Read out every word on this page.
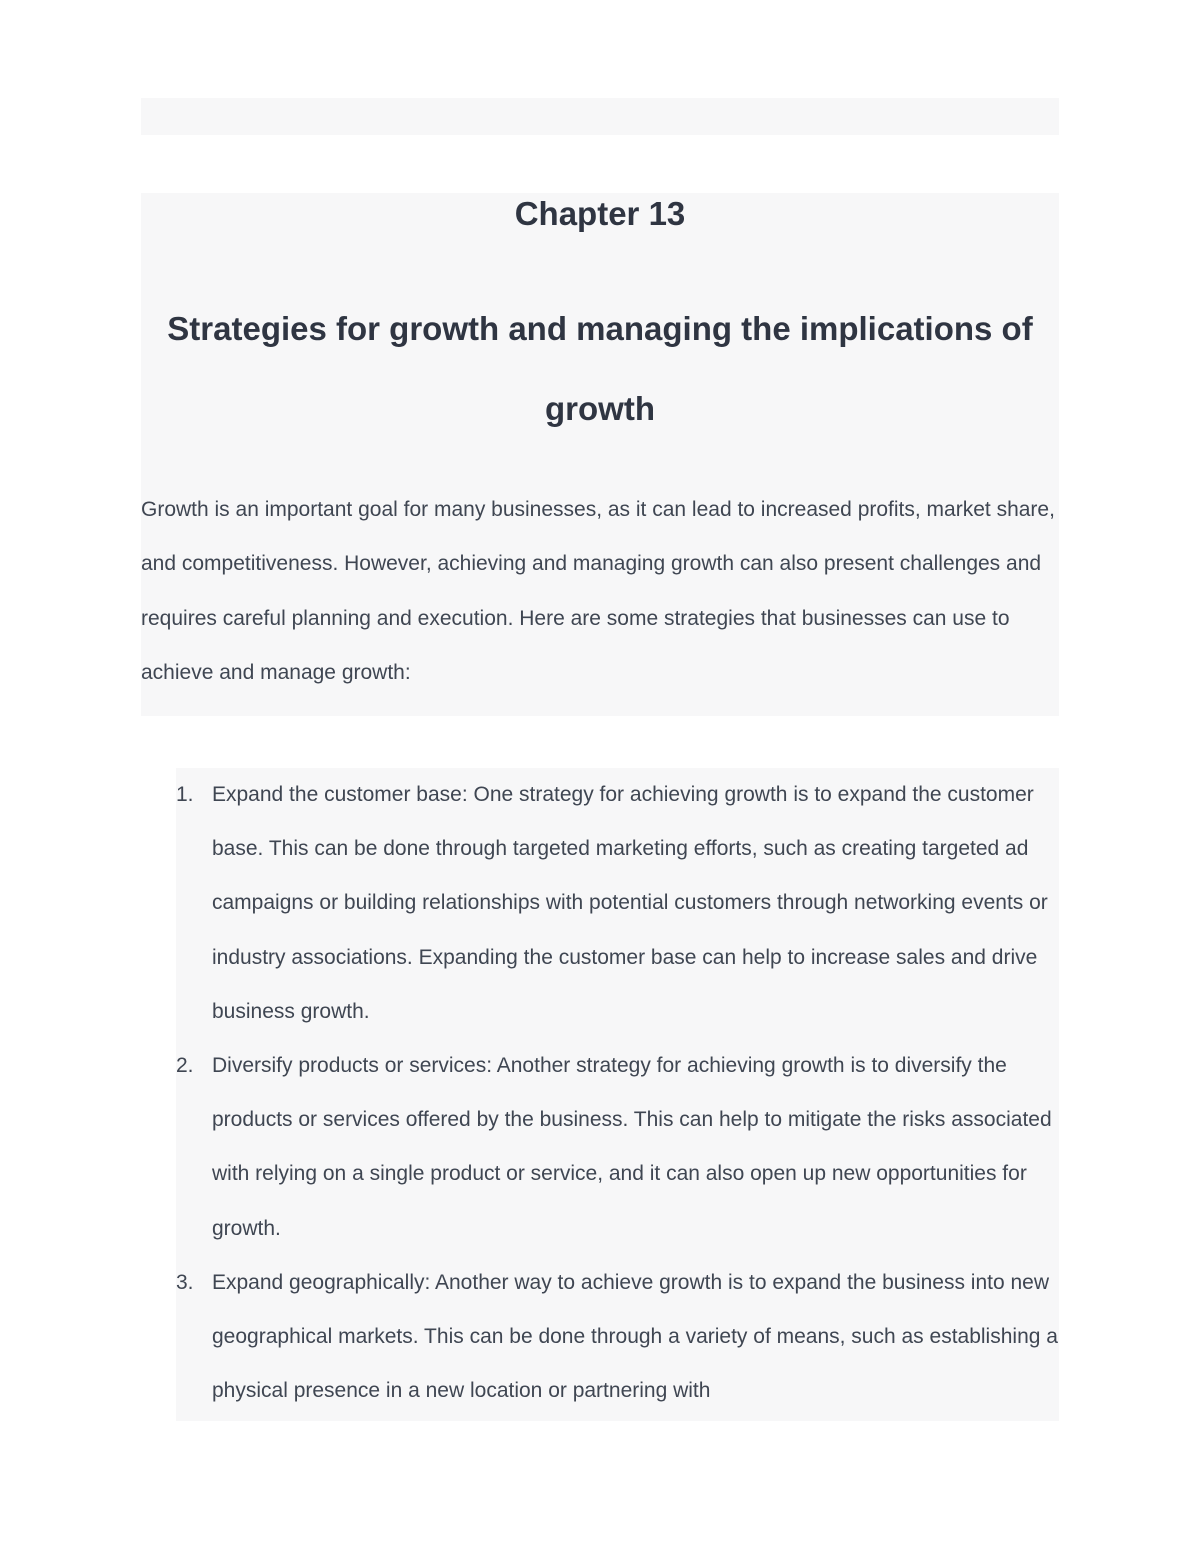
Chapter 13
Strategies for growth and managing the implications of growth

Growth is an important goal for many businesses, as it can lead to increased profits, market share, and competitiveness. However, achieving and managing growth can also present challenges and requires careful planning and execution. Here are some strategies that businesses can use to achieve and manage growth:

1. Expand the customer base: One strategy for achieving growth is to expand the customer base. This can be done through targeted marketing efforts, such as creating targeted ad campaigns or building relationships with potential customers through networking events or industry associations. Expanding the customer base can help to increase sales and drive business growth.
2. Diversify products or services: Another strategy for achieving growth is to diversify the products or services offered by the business. This can help to mitigate the risks associated with relying on a single product or service, and it can also open up new opportunities for growth.
3. Expand geographically: Another way to achieve growth is to expand the business into new geographical markets. This can be done through a variety of means, such as establishing a physical presence in a new location or partnering with
